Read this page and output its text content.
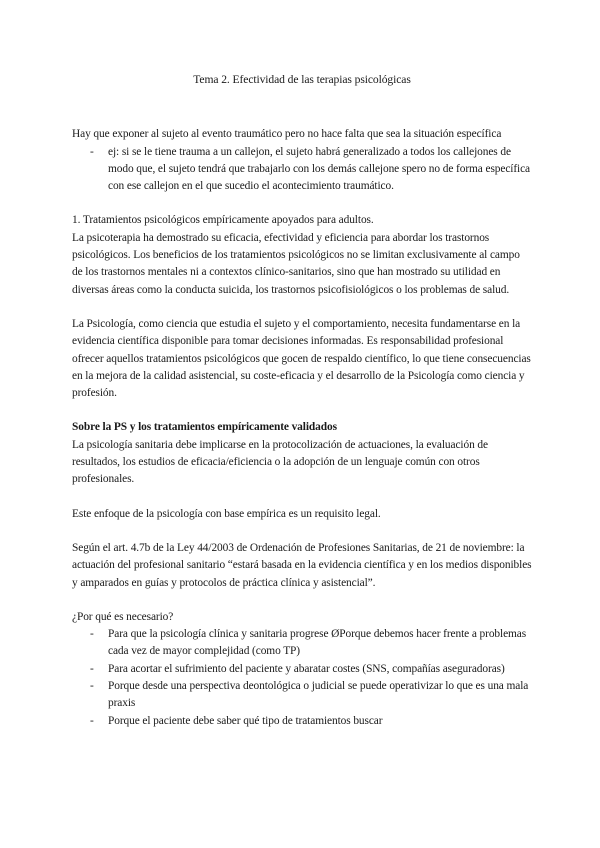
Tema 2. Efectividad de las terapias psicológicas

Hay que exponer al sujeto al evento traumático pero no hace falta que sea la situación específica

- ej: si se le tiene trauma a un callejon, el sujeto habrá generalizado a todos los callejones de modo que, el sujeto tendrá que trabajarlo con los demás callejone spero no de forma específica con ese callejon en el que sucedio el acontecimiento traumático.

1. Tratamientos psicológicos empíricamente apoyados para adultos.

La psicoterapia ha demostrado su eficacia, efectividad y eficiencia para abordar los trastornos psicológicos. Los beneficios de los tratamientos psicológicos no se limitan exclusivamente al campo de los trastornos mentales ni a contextos clínico-sanitarios, sino que han mostrado su utilidad en diversas áreas como la conducta suicida, los trastornos psicofisiológicos o los problemas de salud.

La Psicología, como ciencia que estudia el sujeto y el comportamiento, necesita fundamentarse en la evidencia científica disponible para tomar decisiones informadas. Es responsabilidad profesional ofrecer aquellos tratamientos psicológicos que gocen de respaldo científico, lo que tiene consecuencias en la mejora de la calidad asistencial, su coste-eficacia y el desarrollo de la Psicología como ciencia y profesión.

Sobre la PS y los tratamientos empíricamente validados

La psicología sanitaria debe implicarse en la protocolización de actuaciones, la evaluación de resultados, los estudios de eficacia/eficiencia o la adopción de un lenguaje común con otros profesionales.

Este enfoque de la psicología con base empírica es un requisito legal.

Según el art. 4.7b de la Ley 44/2003 de Ordenación de Profesiones Sanitarias, de 21 de noviembre: la actuación del profesional sanitario “estará basada en la evidencia científica y en los medios disponibles y amparados en guías y protocolos de práctica clínica y asistencial”.

¿Por qué es necesario?

- Para que la psicología clínica y sanitaria progrese ØPorque debemos hacer frente a problemas cada vez de mayor complejidad (como TP)
- Para acortar el sufrimiento del paciente y abaratar costes (SNS, compañías aseguradoras)
- Porque desde una perspectiva deontológica o judicial se puede operativizar lo que es una mala praxis
- Porque el paciente debe saber qué tipo de tratamientos buscar
